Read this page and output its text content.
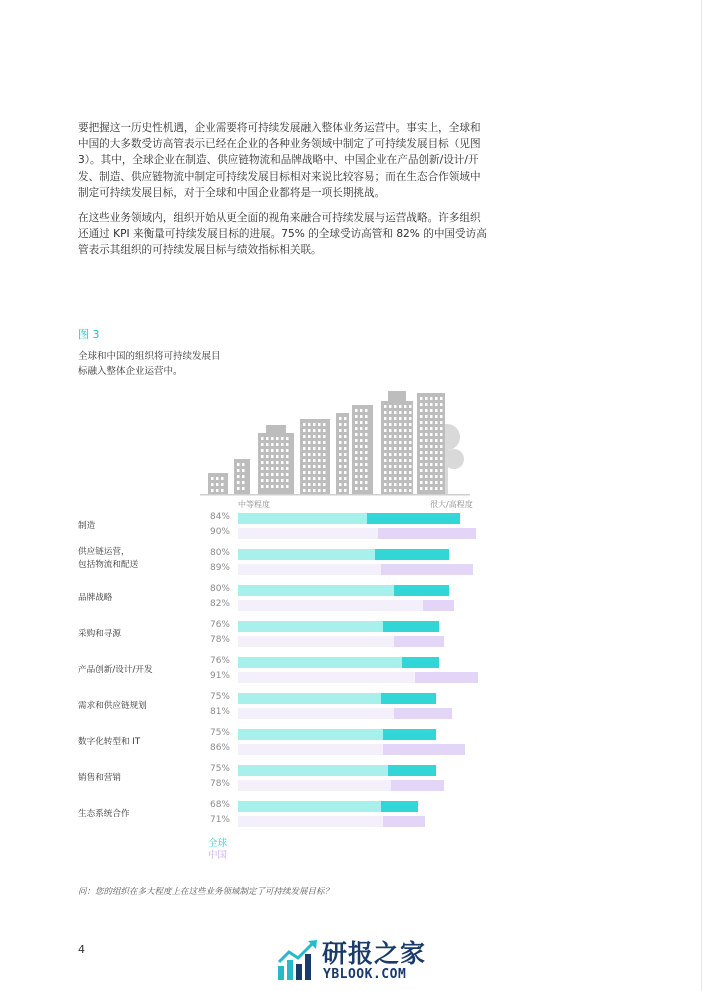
要把握这一历史性机遇，企业需要将可持续发展融入整体业务运营中。事实上，全球和中国的大多数受访高管表示已经在企业的各种业务领域中制定了可持续发展目标（见图 3）。其中，全球企业在制造、供应链物流和品牌战略中、中国企业在产品创新/设计/开发、制造、供应链物流中制定可持续发展目标相对来说比较容易；而在生态合作领域中制定可持续发展目标，对于全球和中国企业都将是一项长期挑战。
在这些业务领域内，组织开始从更全面的视角来融合可持续发展与运营战略。许多组织还通过 KPI 来衡量可持续发展目标的进展。75% 的全球受访高管和 82% 的中国受访高管表示其组织的可持续发展目标与绩效指标相关联。
图 3
全球和中国的组织将可持续发展目标融入整体企业运营中。
中等程度	很大/高程度
制造
84%
90%
供应链运营，
包括物流和配送
80%
89%
品牌战略
80%
82%
采购和寻源
76%
78%
产品创新/设计/开发
76%
91%
需求和供应链规划
75%
81%
数字化转型和 IT
75%
86%
销售和营销
75%
78%
生态系统合作
68%
71%
全球
中国
问：您的组织在多大程度上在这些业务领域制定了可持续发展目标？
4	研报之家
YBLOOK.COM
